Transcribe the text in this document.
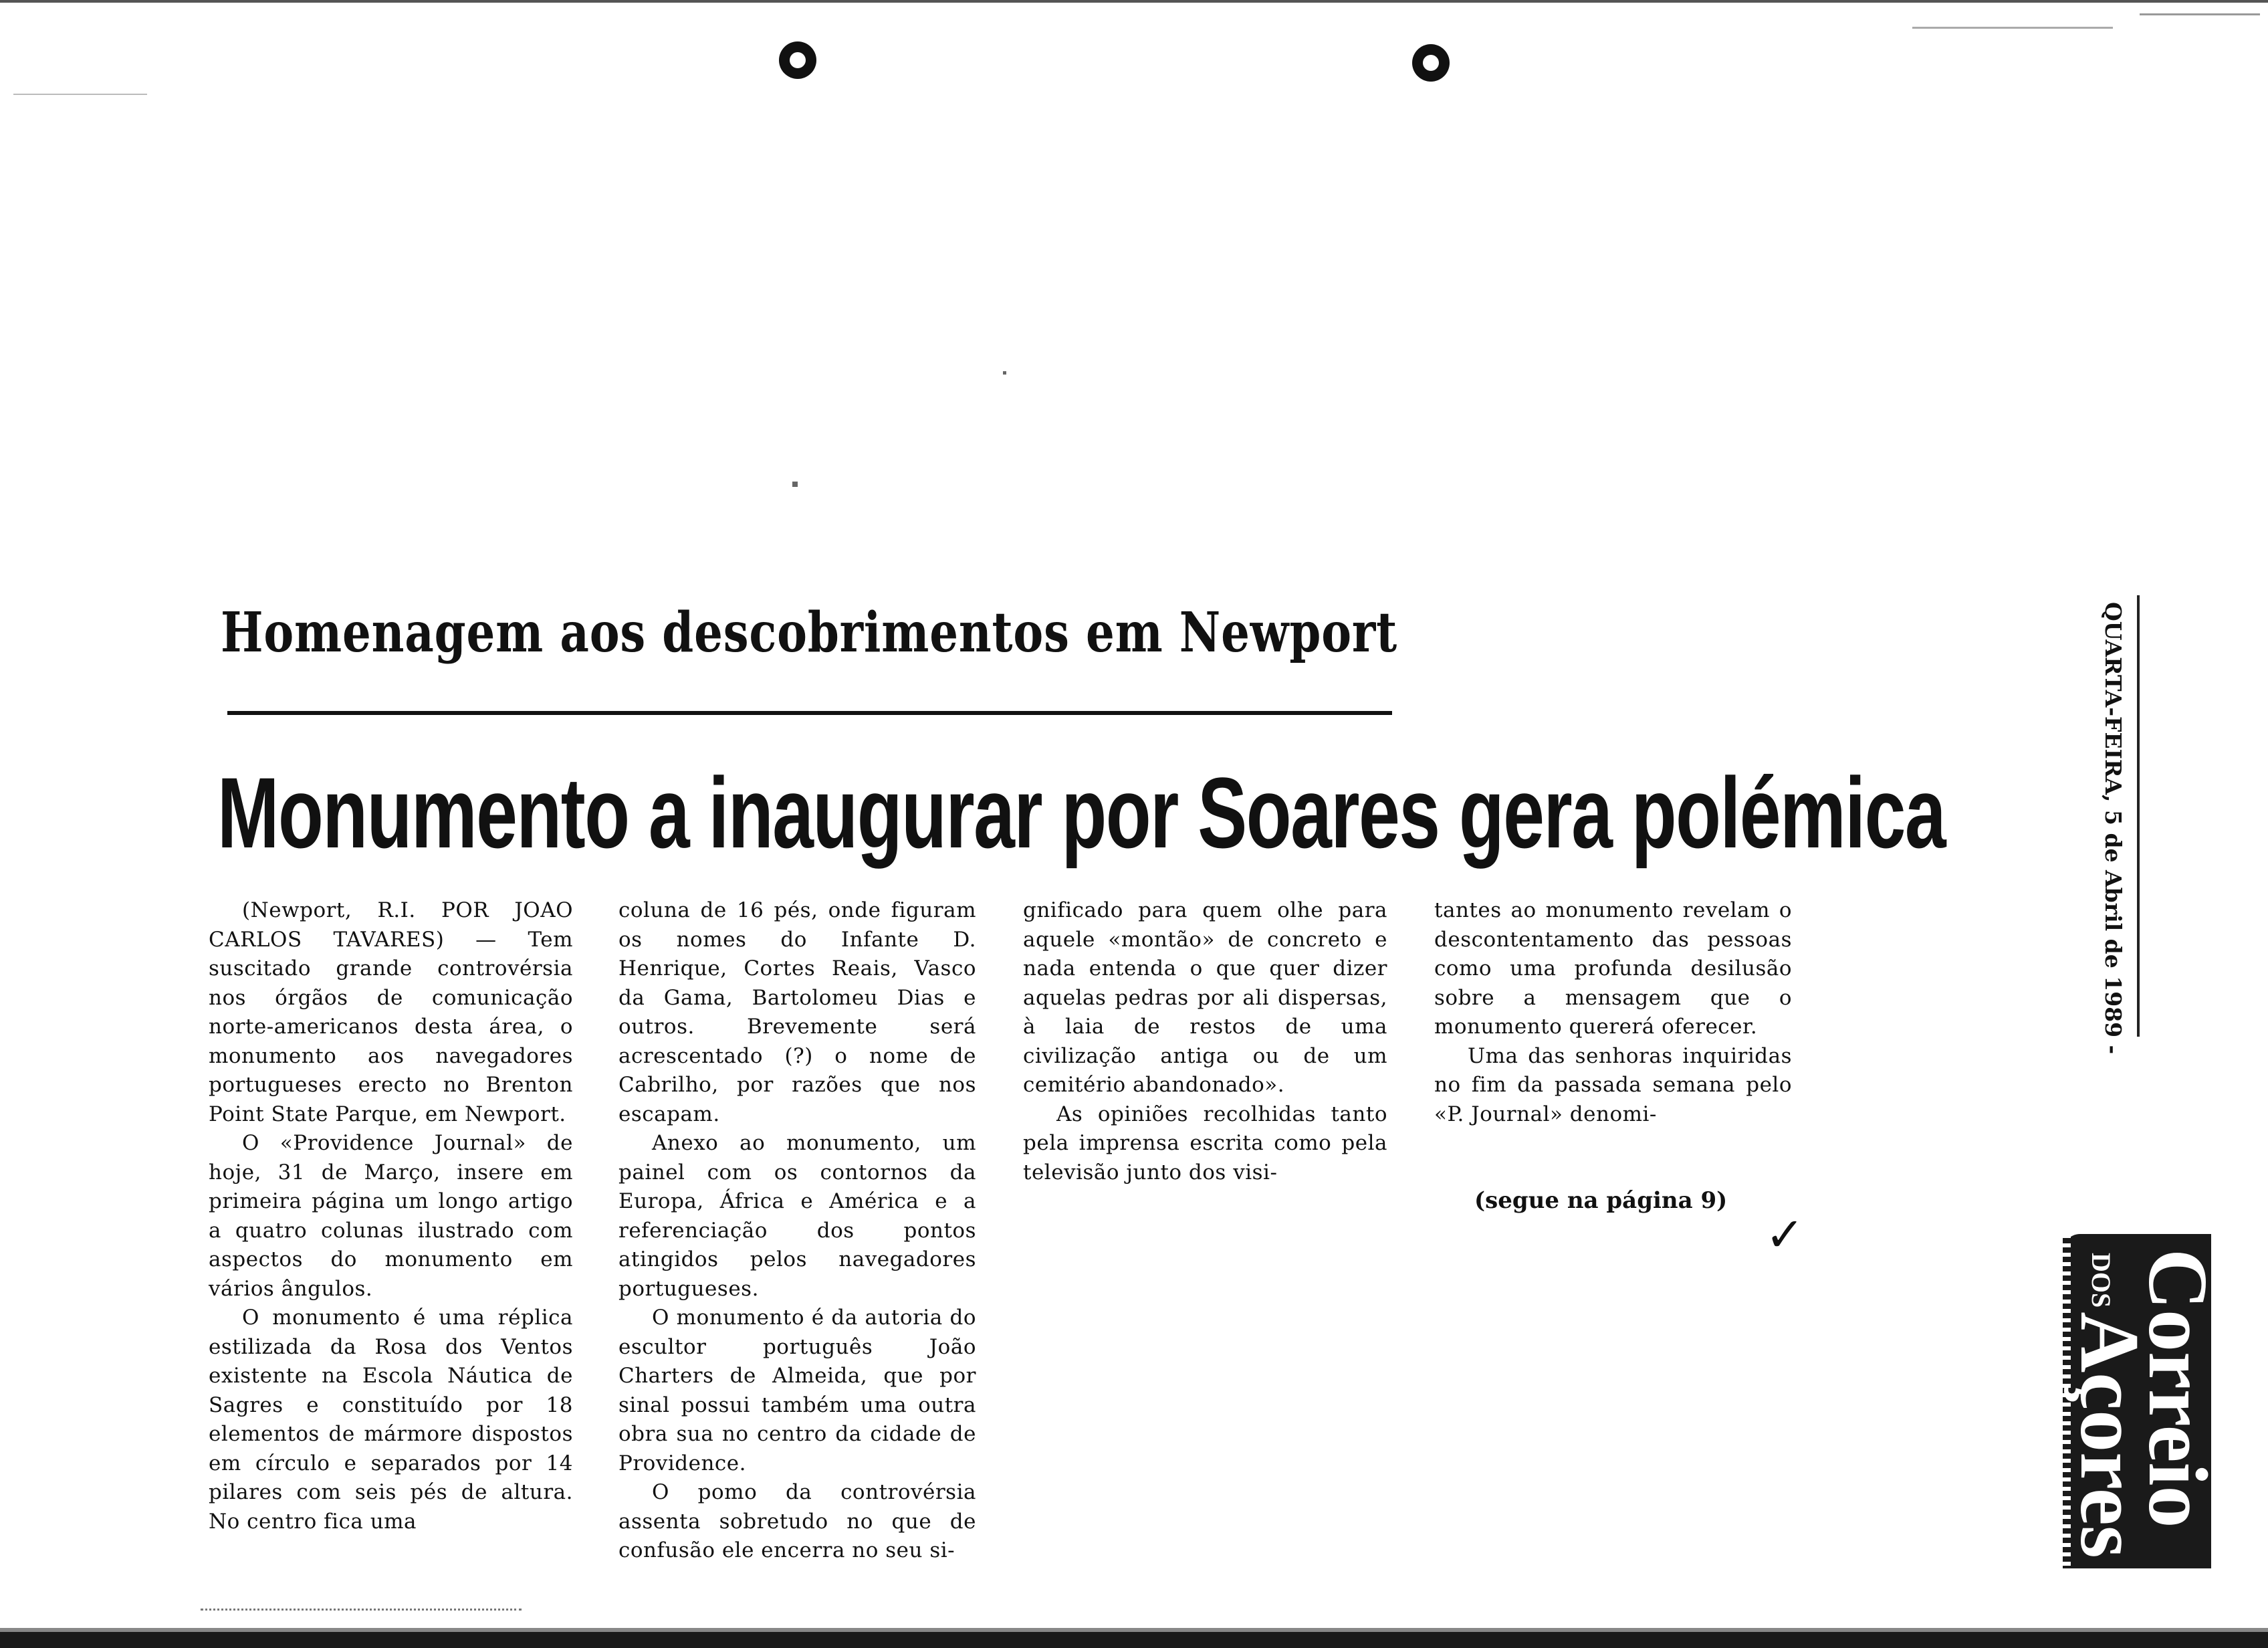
Homenagem aos descobrimentos em Newport
Monumento a inaugurar por Soares gera polémica

(Newport, R.I. POR JOAO CARLOS TAVARES) — Tem suscitado grande controvérsia nos órgãos de comunicação norte-americanos desta área, o monumento aos navegadores portugueses erecto no Brenton Point State Parque, em Newport.

O «Providence Journal» de hoje, 31 de Março, insere em primeira página um longo artigo a quatro colunas ilustrado com aspectos do monumento em vários ângulos.

O monumento é uma réplica estilizada da Rosa dos Ventos existente na Escola Náutica de Sagres e constituído por 18 elementos de mármore dispostos em círculo e separados por 14 pilares com seis pés de altura. No centro fica uma

coluna de 16 pés, onde figuram os nomes do Infante D. Henrique, Cortes Reais, Vasco da Gama, Bartolomeu Dias e outros. Brevemente será acrescentado (?) o nome de Cabrilho, por razões que nos escapam.

Anexo ao monumento, um painel com os contornos da Europa, África e América e a referenciação dos pontos atingidos pelos navegadores portugueses.

O monumento é da autoria do escultor português João Charters de Almeida, que por sinal possui também uma outra obra sua no centro da cidade de Providence.

O pomo da controvérsia assenta sobretudo no que de confusão ele encerra no seu si-

gnificado para quem olhe para aquele «montão» de concreto e nada entenda o que quer dizer aquelas pedras por ali dispersas, à laia de restos de uma civilização antiga ou de um cemitério abandonado».

As opiniões recolhidas tanto pela imprensa escrita como pela televisão junto dos visi-

tantes ao monumento revelam o descontentamento das pessoas como uma profunda desilusão sobre a mensagem que o monumento quererá oferecer.

Uma das senhoras inquiridas no fim da passada semana pelo «P. Journal» denomi-

(segue na página 9)

✓
QUARTA-FEIRA, 5 de Abril de 1989 -
Correio
DOSAçores
